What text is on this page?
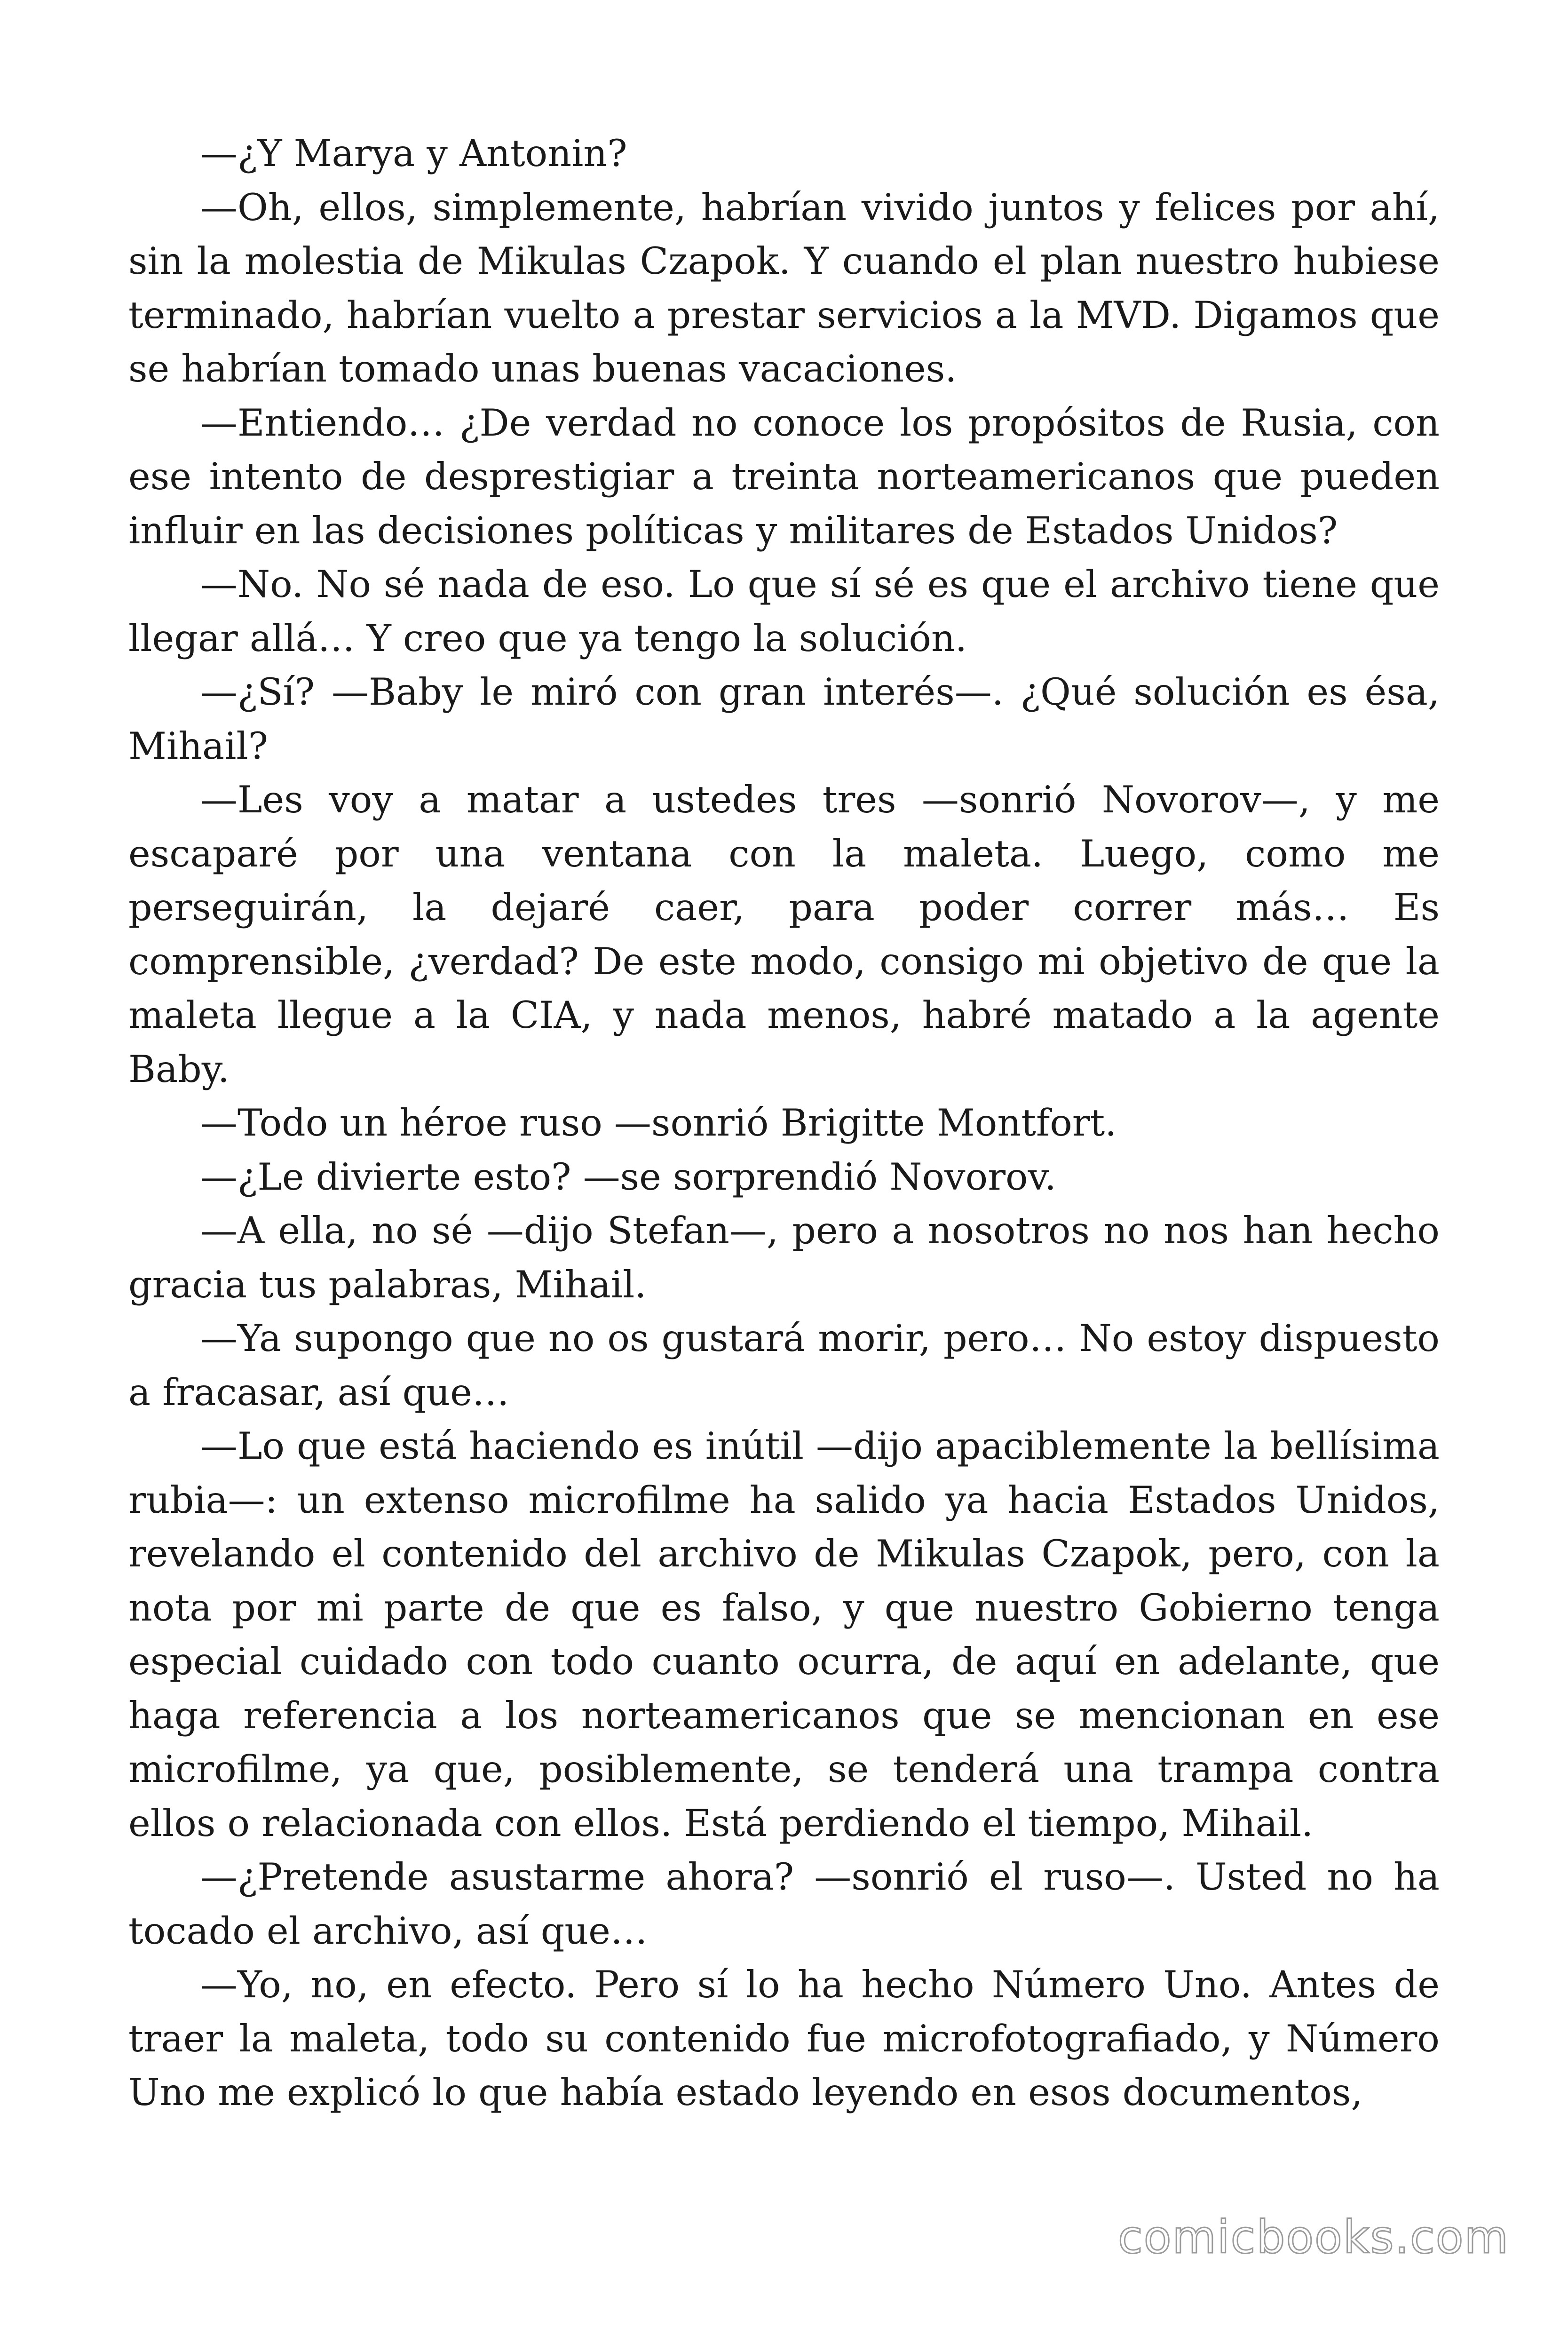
—¿Y Marya y Antonin?

—Oh, ellos, simplemente, habrían vivido juntos y felices por ahí, sin la molestia de Mikulas Czapok. Y cuando el plan nuestro hubiese terminado, habrían vuelto a prestar servicios a la MVD. Digamos que se habrían tomado unas buenas vacaciones.

—Entiendo… ¿De verdad no conoce los propósitos de Rusia, con ese intento de desprestigiar a treinta norteamericanos que pueden influir en las decisiones políticas y militares de Estados Unidos?

—No. No sé nada de eso. Lo que sí sé es que el archivo tiene que llegar allá… Y creo que ya tengo la solución.

—¿Sí? —Baby le miró con gran interés—. ¿Qué solución es ésa, Mihail?

—Les voy a matar a ustedes tres —sonrió Novorov—, y me escaparé por una ventana con la maleta. Luego, como me perseguirán, la dejaré caer, para poder correr más… Es comprensible, ¿verdad? De este modo, consigo mi objetivo de que la maleta llegue a la CIA, y nada menos, habré matado a la agente Baby.

—Todo un héroe ruso —sonrió Brigitte Montfort.

—¿Le divierte esto? —se sorprendió Novorov.

—A ella, no sé —dijo Stefan—, pero a nosotros no nos han hecho gracia tus palabras, Mihail.

—Ya supongo que no os gustará morir, pero… No estoy dispuesto a fracasar, así que…

—Lo que está haciendo es inútil —dijo apaciblemente la bellísima rubia—: un extenso microfilme ha salido ya hacia Estados Unidos, revelando el contenido del archivo de Mikulas Czapok, pero, con la nota por mi parte de que es falso, y que nuestro Gobierno tenga especial cuidado con todo cuanto ocurra, de aquí en adelante, que haga referencia a los norteamericanos que se mencionan en ese microfilme, ya que, posiblemente, se tenderá una trampa contra ellos o relacionada con ellos. Está perdiendo el tiempo, Mihail.

—¿Pretende asustarme ahora? —sonrió el ruso—. Usted no ha tocado el archivo, así que…

—Yo, no, en efecto. Pero sí lo ha hecho Número Uno. Antes de traer la maleta, todo su contenido fue microfotografiado, y Número Uno me explicó lo que había estado leyendo en esos documentos,

comicbooks.com
